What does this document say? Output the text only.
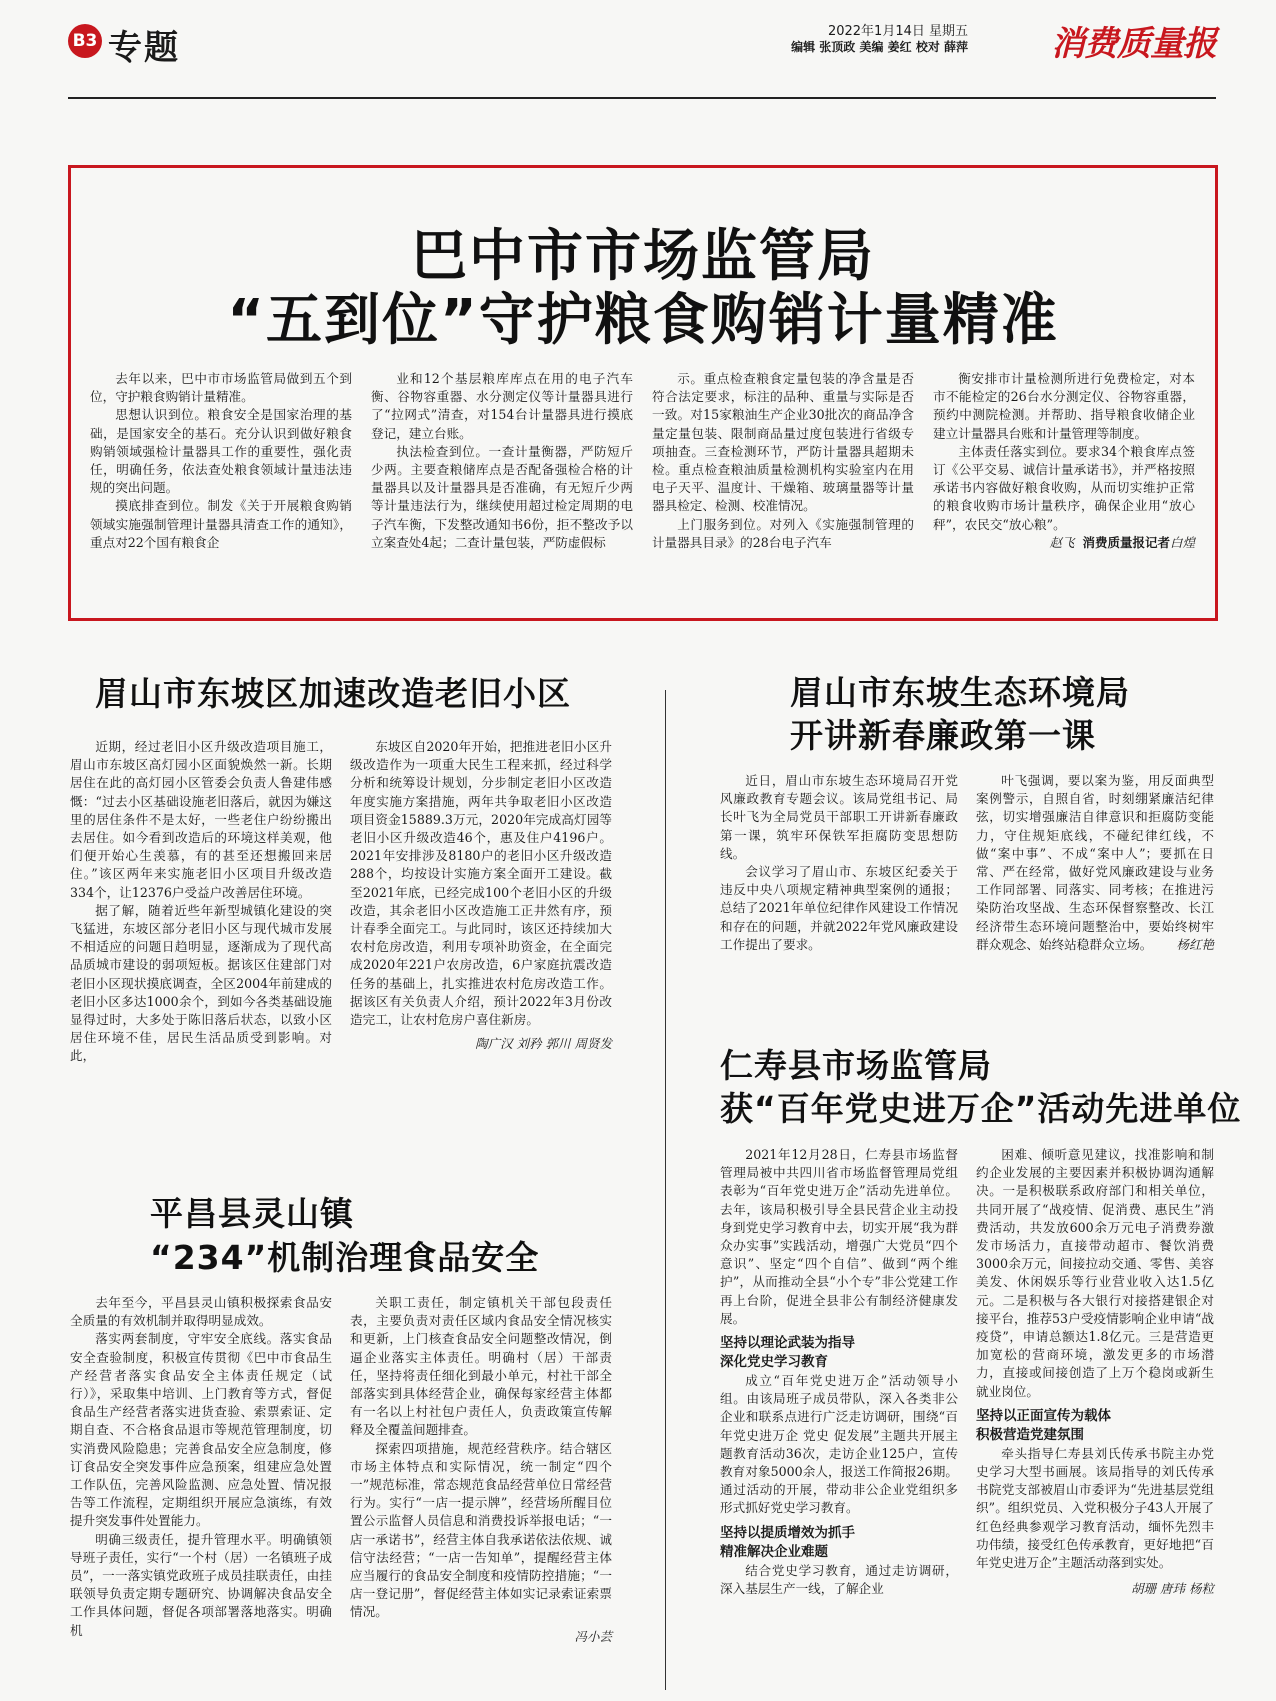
B3 专题	2022年1月14日 星期五
编辑 张顶政 美编 姜红 校对 薛萍 消费质量报
巴中市市场监管局
“五到位”守护粮食购销计量精准

去年以来，巴中市市场监管局做到五个到位，守护粮食购销计量精准。

思想认识到位。粮食安全是国家治理的基础，是国家安全的基石。充分认识到做好粮食购销领域强检计量器具工作的重要性，强化责任，明确任务，依法查处粮食领域计量违法违规的突出问题。

摸底排查到位。制发《关于开展粮食购销领域实施强制管理计量器具清查工作的通知》，重点对22个国有粮食企

业和12个基层粮库库点在用的电子汽车衡、谷物容重器、水分测定仪等计量器具进行了“拉网式”清查，对154台计量器具进行摸底登记，建立台账。

执法检查到位。一查计量衡器，严防短斤少两。主要查粮储库点是否配备强检合格的计量器具以及计量器具是否准确，有无短斤少两等计量违法行为，继续使用超过检定周期的电子汽车衡，下发整改通知书6份，拒不整改予以立案查处4起；二查计量包装，严防虚假标

示。重点检查粮食定量包装的净含量是否符合法定要求，标注的品种、重量与实际是否一致。对15家粮油生产企业30批次的商品净含量定量包装、限制商品量过度包装进行省级专项抽查。三查检测环节，严防计量器具超期未检。重点检查粮油质量检测机构实验室内在用电子天平、温度计、干燥箱、玻璃量器等计量器具检定、检测、校准情况。

上门服务到位。对列入《实施强制管理的计量器具目录》的28台电子汽车

衡安排市计量检测所进行免费检定，对本市不能检定的26台水分测定仪、谷物容重器，预约中测院检测。并帮助、指导粮食收储企业建立计量器具台账和计量管理等制度。

主体责任落实到位。要求34个粮食库点签订《公平交易、诚信计量承诺书》，并严格按照承诺书内容做好粮食收购，从而切实维护正常的粮食收购市场计量秩序，确保企业用“放心秤”，农民交“放心粮”。

赵飞 消费质量报记者白煌
眉山市东坡区加速改造老旧小区

近期，经过老旧小区升级改造项目施工，眉山市东坡区高灯园小区面貌焕然一新。长期居住在此的高灯园小区管委会负责人鲁建伟感慨：“过去小区基础设施老旧落后，就因为嫌这里的居住条件不是太好，一些老住户纷纷搬出去居住。如今看到改造后的环境这样美观，他们便开始心生羡慕，有的甚至还想搬回来居住。”该区两年来实施老旧小区项目升级改造334个，让12376户受益户改善居住环境。

据了解，随着近些年新型城镇化建设的突飞猛进，东坡区部分老旧小区与现代城市发展不相适应的问题日趋明显，逐渐成为了现代高品质城市建设的弱项短板。据该区住建部门对老旧小区现状摸底调查，全区2004年前建成的老旧小区多达1000余个，到如今各类基础设施显得过时，大多处于陈旧落后状态，以致小区居住环境不佳，居民生活品质受到影响。对此，

东坡区自2020年开始，把推进老旧小区升级改造作为一项重大民生工程来抓，经过科学分析和统筹设计规划，分步制定老旧小区改造年度实施方案措施，两年共争取老旧小区改造项目资金15889.3万元，2020年完成高灯园等老旧小区升级改造46个，惠及住户4196户。2021年安排涉及8180户的老旧小区升级改造288个，均按设计实施方案全面开工建设。截至2021年底，已经完成100个老旧小区的升级改造，其余老旧小区改造施工正井然有序，预计春季全面完工。与此同时，该区还持续加大农村危房改造，利用专项补助资金，在全面完成2020年221户农房改造，6户家庭抗震改造任务的基础上，扎实推进农村危房改造工作。据该区有关负责人介绍，预计2022年3月份改造完工，让农村危房户喜住新房。

陶广汉 刘矜 郭川 周贤发
平昌县灵山镇
“234”机制治理食品安全

去年至今，平昌县灵山镇积极探索食品安全质量的有效机制并取得明显成效。

落实两套制度，守牢安全底线。落实食品安全查验制度，积极宣传贯彻《巴中市食品生产经营者落实食品安全主体责任规定（试行）》，采取集中培训、上门教育等方式，督促食品生产经营者落实进货查验、索票索证、定期自查、不合格食品退市等规范管理制度，切实消费风险隐患；完善食品安全应急制度，修订食品安全突发事件应急预案，组建应急处置工作队伍，完善风险监测、应急处置、情况报告等工作流程，定期组织开展应急演练，有效提升突发事件处置能力。

明确三级责任，提升管理水平。明确镇领导班子责任，实行“一个村（居）一名镇班子成员”，一一落实镇党政班子成员挂联责任，由挂联领导负责定期专题研究、协调解决食品安全工作具体问题，督促各项部署落地落实。明确机

关职工责任，制定镇机关干部包段责任表，主要负责对责任区域内食品安全情况核实和更新，上门核查食品安全问题整改情况，倒逼企业落实主体责任。明确村（居）干部责任，坚持将责任细化到最小单元，村社干部全部落实到具体经营企业，确保每家经营主体都有一名以上村社包户责任人，负责政策宣传解释及全覆盖间题排查。

探索四项措施，规范经营秩序。结合辖区市场主体特点和实际情况，统一制定“四个一”规范标准，常态规范食品经营单位日常经营行为。实行“一店一提示牌”，经营场所醒目位置公示监督人员信息和消费投诉举报电话；“一店一承诺书”，经营主体自我承诺依法依规、诚信守法经营；“一店一告知单”，提醒经营主体应当履行的食品安全制度和疫情防控措施；“一店一登记册”，督促经营主体如实记录索证索票情况。

冯小芸
眉山市东坡生态环境局
开讲新春廉政第一课

近日，眉山市东坡生态环境局召开党风廉政教育专题会议。该局党组书记、局长叶飞为全局党员干部职工开讲新春廉政第一课，筑牢环保铁军拒腐防变思想防线。

会议学习了眉山市、东坡区纪委关于违反中央八项规定精神典型案例的通报；总结了2021年单位纪律作风建设工作情况和存在的问题，并就2022年党风廉政建设工作提出了要求。

叶飞强调，要以案为鉴，用反面典型案例警示，自照自省，时刻绷紧廉洁纪律弦，切实增强廉洁自律意识和拒腐防变能力，守住规矩底线，不碰纪律红线，不做“案中事”、不成“案中人”；要抓在日常、严在经常，做好党风廉政建设与业务工作同部署、同落实、同考核；在推进污染防治攻坚战、生态环保督察整改、长江经济带生态环境问题整治中，要始终树牢群众观念、始终站稳群众立场。	杨红艳
仁寿县市场监管局
获“百年党史进万企”活动先进单位

2021年12月28日，仁寿县市场监督管理局被中共四川省市场监督管理局党组表彰为“百年党史进万企”活动先进单位。去年，该局积极引导全县民营企业主动投身到党史学习教育中去，切实开展“我为群众办实事”实践活动，增强广大党员“四个意识”、坚定“四个自信”、做到“两个维护”，从而推动全县“小个专”非公党建工作再上台阶，促进全县非公有制经济健康发展。

坚持以理论武装为指导
深化党史学习教育

成立“百年党史进万企”活动领导小组。由该局班子成员带队，深入各类非公企业和联系点进行广泛走访调研，围绕“百年党史进万企 党史 促发展”主题共开展主题教育活动36次，走访企业125户，宣传教育对象5000余人，报送工作简报26期。通过活动的开展，带动非公企业党组织多形式抓好党史学习教育。

坚持以提质增效为抓手
精准解决企业难题

结合党史学习教育，通过走访调研，深入基层生产一线，了解企业

困难、倾听意见建议，找准影响和制约企业发展的主要因素并积极协调沟通解决。一是积极联系政府部门和相关单位，共同开展了“战疫情、促消费、惠民生”消费活动，共发放600余万元电子消费券激发市场活力，直接带动超市、餐饮消费3000余万元，间接拉动交通、零售、美容美发、休闲娱乐等行业营业收入达1.5亿元。二是积极与各大银行对接搭建银企对接平台，推荐53户受疫情影响企业申请“战疫贷”，申请总额达1.8亿元。三是营造更加宽松的营商环境，激发更多的市场潜力，直接或间接创造了上万个稳岗或新生就业岗位。

坚持以正面宣传为载体
积极营造党建氛围

牵头指导仁寿县刘氏传承书院主办党史学习大型书画展。该局指导的刘氏传承书院党支部被眉山市委评为“先进基层党组织”。组织党员、入党积极分子43人开展了红色经典参观学习教育活动，缅怀先烈丰功伟绩，接受红色传承教育，更好地把“百年党史进万企”主题活动落到实处。

胡珊 唐玮 杨粒
